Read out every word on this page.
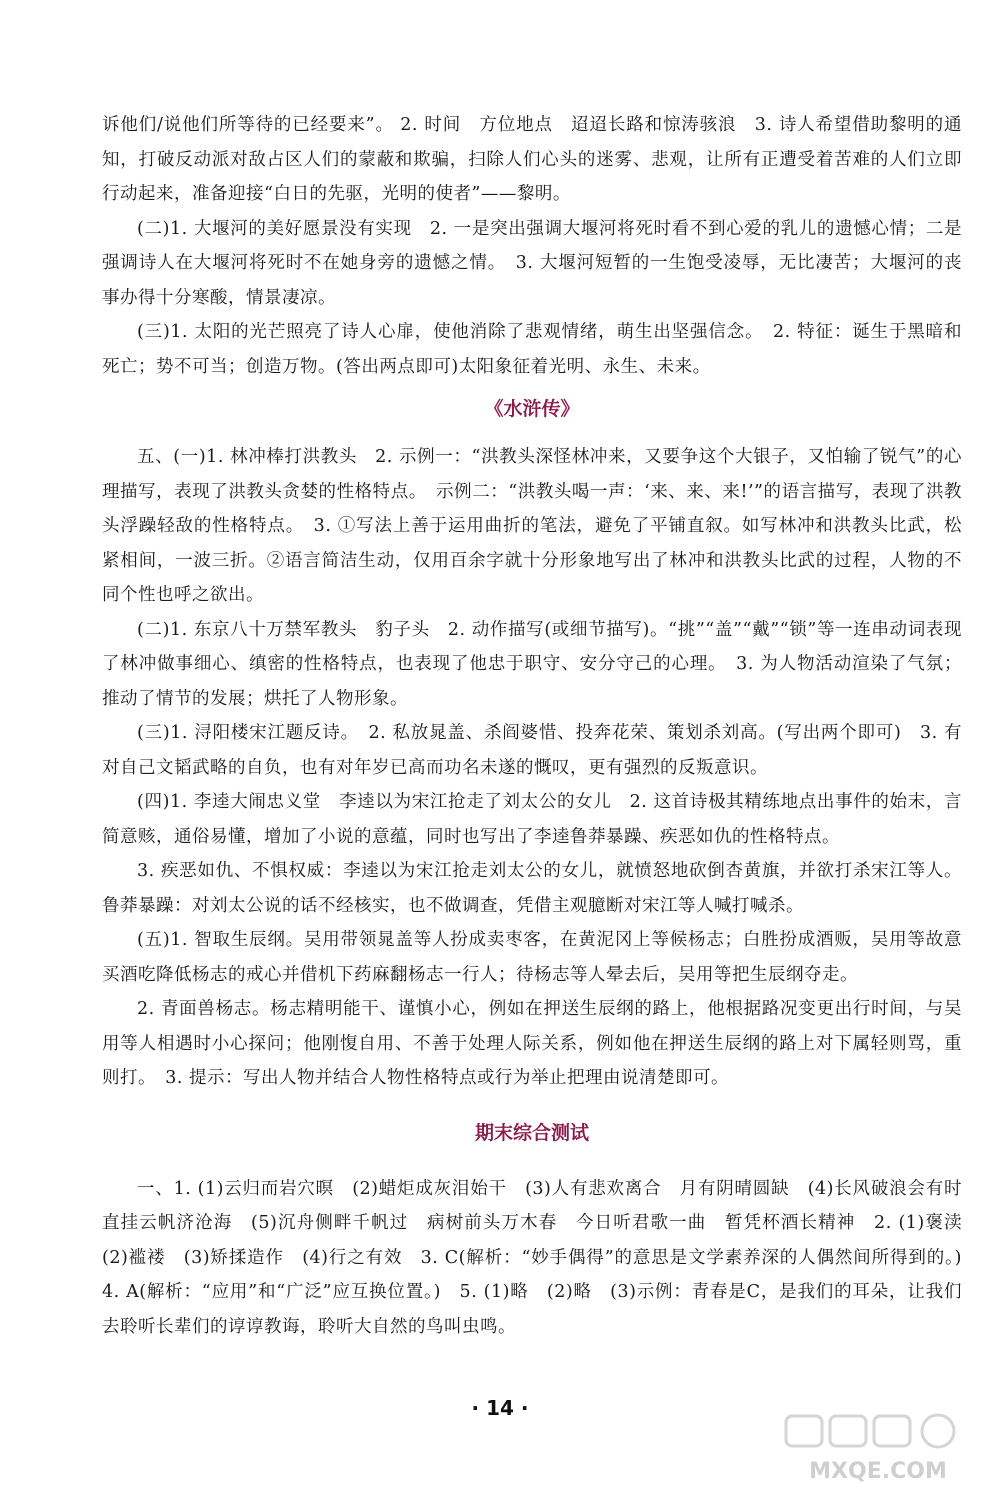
诉他们/说他们所等待的已经要来”。 2. 时间　方位地点　迢迢长路和惊涛骇浪　3. 诗人希望借助黎明的通知，打破反动派对敌占区人们的蒙蔽和欺骗，扫除人们心头的迷雾、悲观，让所有正遭受着苦难的人们立即行动起来，准备迎接“白日的先驱，光明的使者”——黎明。

(二)1. 大堰河的美好愿景没有实现　2. 一是突出强调大堰河将死时看不到心爱的乳儿的遗憾心情；二是强调诗人在大堰河将死时不在她身旁的遗憾之情。　3. 大堰河短暂的一生饱受凌辱，无比凄苦；大堰河的丧事办得十分寒酸，情景凄凉。

(三)1. 太阳的光芒照亮了诗人心扉，使他消除了悲观情绪，萌生出坚强信念。　2. 特征：诞生于黑暗和死亡；势不可当；创造万物。(答出两点即可)太阳象征着光明、永生、未来。

《水浒传》

五、(一)1. 林冲棒打洪教头　2. 示例一：“洪教头深怪林冲来，又要争这个大银子，又怕输了锐气”的心理描写，表现了洪教头贪婪的性格特点。　示例二：“洪教头喝一声：‘来、来、来!’”的语言描写，表现了洪教头浮躁轻敌的性格特点。　3. ①写法上善于运用曲折的笔法，避免了平铺直叙。如写林冲和洪教头比武，松紧相间，一波三折。②语言简洁生动，仅用百余字就十分形象地写出了林冲和洪教头比武的过程，人物的不同个性也呼之欲出。

(二)1. 东京八十万禁军教头　豹子头　2. 动作描写(或细节描写)。“挑”“盖”“戴”“锁”等一连串动词表现了林冲做事细心、缜密的性格特点，也表现了他忠于职守、安分守己的心理。　3. 为人物活动渲染了气氛；推动了情节的发展；烘托了人物形象。

(三)1. 浔阳楼宋江题反诗。　2. 私放晁盖、杀阎婆惜、投奔花荣、策划杀刘高。(写出两个即可)　3. 有对自己文韬武略的自负，也有对年岁已高而功名未遂的慨叹，更有强烈的反叛意识。

(四)1. 李逵大闹忠义堂　李逵以为宋江抢走了刘太公的女儿　2. 这首诗极其精练地点出事件的始末，言简意赅，通俗易懂，增加了小说的意蕴，同时也写出了李逵鲁莽暴躁、疾恶如仇的性格特点。

3. 疾恶如仇、不惧权威：李逵以为宋江抢走刘太公的女儿，就愤怒地砍倒杏黄旗，并欲打杀宋江等人。鲁莽暴躁：对刘太公说的话不经核实，也不做调查，凭借主观臆断对宋江等人喊打喊杀。

(五)1. 智取生辰纲。吴用带领晁盖等人扮成卖枣客，在黄泥冈上等候杨志；白胜扮成酒贩，吴用等故意买酒吃降低杨志的戒心并借机下药麻翻杨志一行人；待杨志等人晕去后，吴用等把生辰纲夺走。

2. 青面兽杨志。杨志精明能干、谨慎小心，例如在押送生辰纲的路上，他根据路况变更出行时间，与吴用等人相遇时小心探问；他刚愎自用、不善于处理人际关系，例如他在押送生辰纲的路上对下属轻则骂，重则打。　3. 提示：写出人物并结合人物性格特点或行为举止把理由说清楚即可。

期末综合测试

一、1. (1)云归而岩穴暝　(2)蜡炬成灰泪始干　(3)人有悲欢离合　月有阴晴圆缺　(4)长风破浪会有时　直挂云帆济沧海　(5)沉舟侧畔千帆过　病树前头万木春　今日听君歌一曲　暂凭杯酒长精神　2. (1)褒渎　(2)褴褛　(3)矫揉造作　(4)行之有效　3. C(解析：“妙手偶得”的意思是文学素养深的人偶然间所得到的。)　4. A(解析：“应用”和“广泛”应互换位置。)　5. (1)略　(2)略　(3)示例：青春是C，是我们的耳朵，让我们去聆听长辈们的谆谆教诲，聆听大自然的鸟叫虫鸣。

· 14 ·
MXQE.COM
